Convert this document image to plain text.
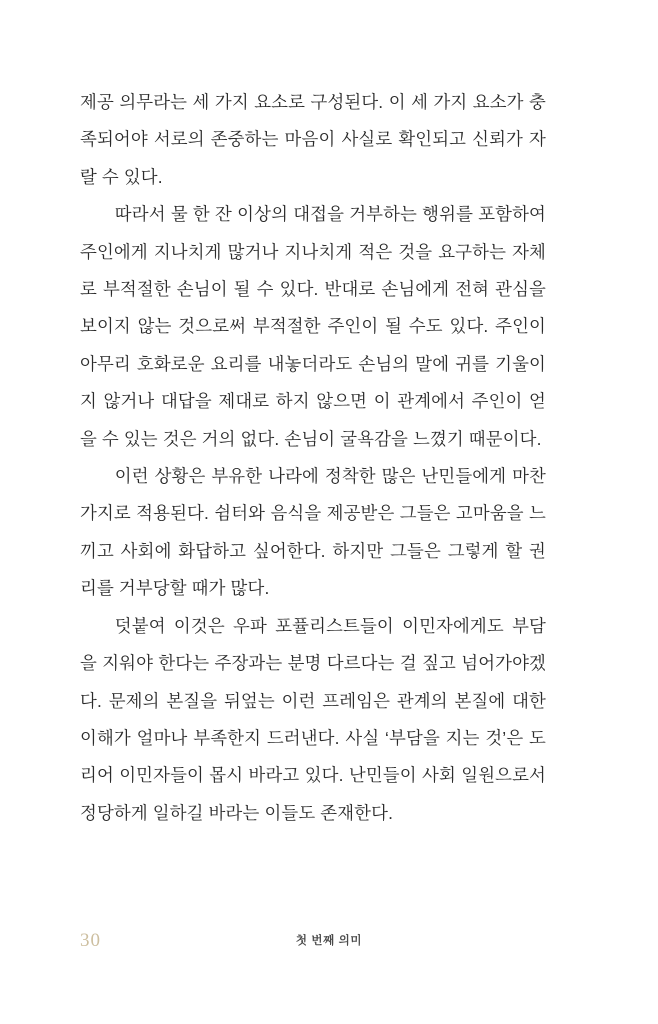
제공 의무라는 세 가지 요소로 구성된다. 이 세 가지 요소가 충족되어야 서로의 존중하는 마음이 사실로 확인되고 신뢰가 자랄 수 있다.

따라서 물 한 잔 이상의 대접을 거부하는 행위를 포함하여 주인에게 지나치게 많거나 지나치게 적은 것을 요구하는 자체로 부적절한 손님이 될 수 있다. 반대로 손님에게 전혀 관심을 보이지 않는 것으로써 부적절한 주인이 될 수도 있다. 주인이 아무리 호화로운 요리를 내놓더라도 손님의 말에 귀를 기울이지 않거나 대답을 제대로 하지 않으면 이 관계에서 주인이 얻을 수 있는 것은 거의 없다. 손님이 굴욕감을 느꼈기 때문이다.

이런 상황은 부유한 나라에 정착한 많은 난민들에게 마찬가지로 적용된다. 쉼터와 음식을 제공받은 그들은 고마움을 느끼고 사회에 화답하고 싶어한다. 하지만 그들은 그렇게 할 권리를 거부당할 때가 많다.

덧붙여 이것은 우파 포퓰리스트들이 이민자에게도 부담을 지워야 한다는 주장과는 분명 다르다는 걸 짚고 넘어가야겠다. 문제의 본질을 뒤엎는 이런 프레임은 관계의 본질에 대한 이해가 얼마나 부족한지 드러낸다. 사실 ‘부담을 지는 것’은 도리어 이민자들이 몹시 바라고 있다. 난민들이 사회 일원으로서 정당하게 일하길 바라는 이들도 존재한다.

30	첫 번째 의미
